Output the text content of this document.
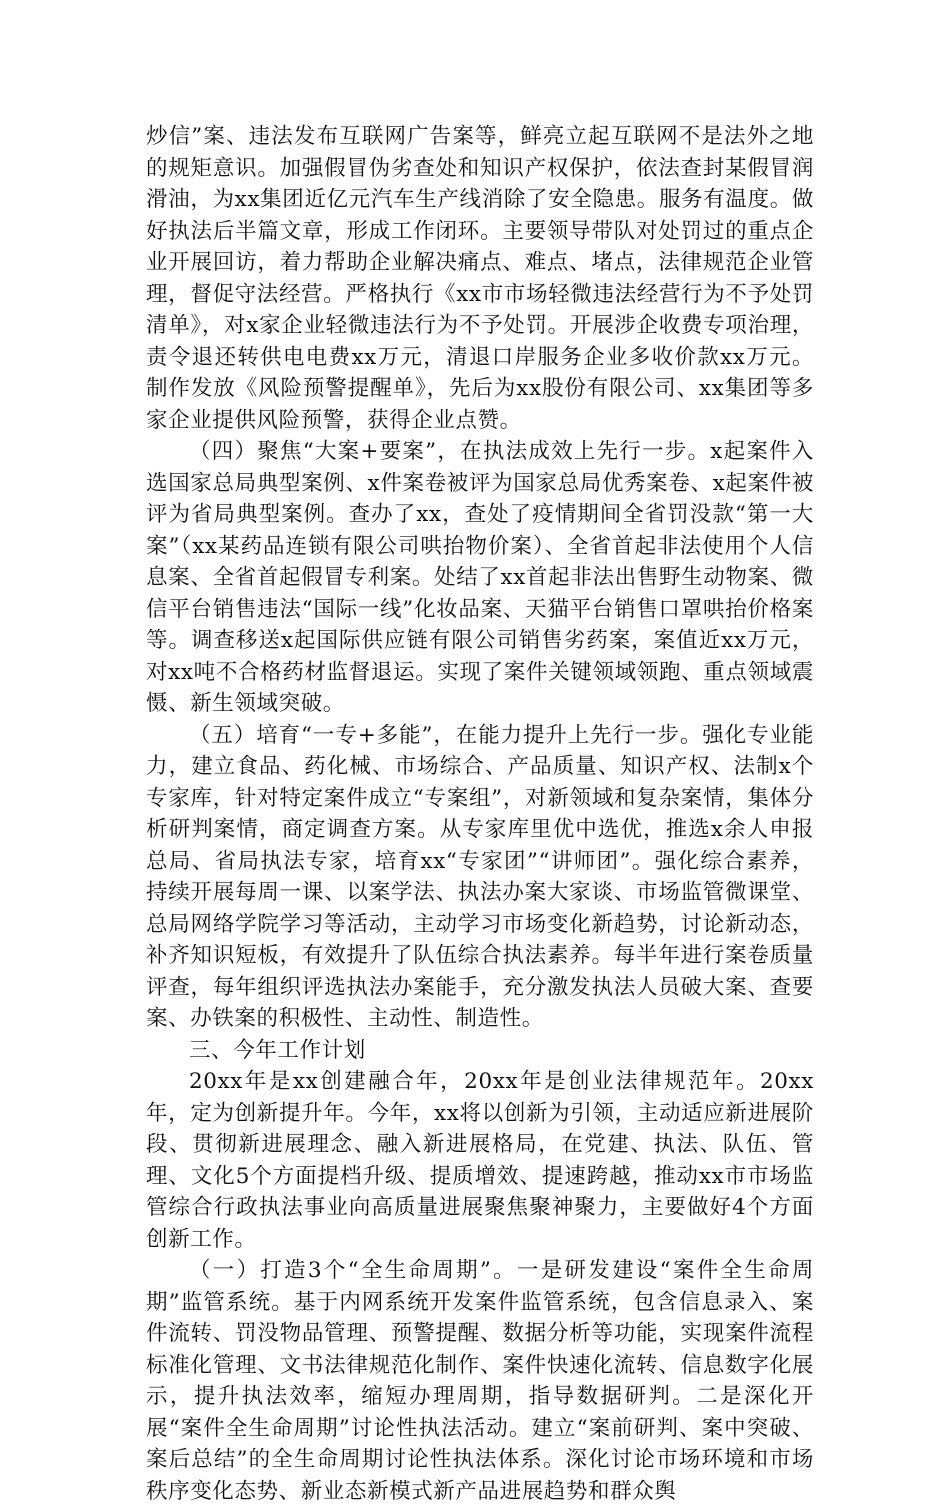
炒信”案、违法发布互联网广告案等，鲜亮立起互联网不是法外之地的规矩意识。加强假冒伪劣查处和知识产权保护，依法查封某假冒润滑油，为xx集团近亿元汽车生产线消除了安全隐患。服务有温度。做好执法后半篇文章，形成工作闭环。主要领导带队对处罚过的重点企业开展回访，着力帮助企业解决痛点、难点、堵点，法律规范企业管理，督促守法经营。严格执行《xx市市场轻微违法经营行为不予处罚清单》，对x家企业轻微违法行为不予处罚。开展涉企收费专项治理，责令退还转供电电费xx万元，清退口岸服务企业多收价款xx万元。制作发放《风险预警提醒单》，先后为xx股份有限公司、xx集团等多家企业提供风险预警，获得企业点赞。

（四）聚焦“大案+要案”，在执法成效上先行一步。x起案件入选国家总局典型案例、x件案卷被评为国家总局优秀案卷、x起案件被评为省局典型案例。查办了xx，查处了疫情期间全省罚没款“第一大案”（xx某药品连锁有限公司哄抬物价案）、全省首起非法使用个人信息案、全省首起假冒专利案。处结了xx首起非法出售野生动物案、微信平台销售违法“国际一线”化妆品案、天猫平台销售口罩哄抬价格案等。调查移送x起国际供应链有限公司销售劣药案，案值近xx万元，对xx吨不合格药材监督退运。实现了案件关键领域领跑、重点领域震慑、新生领域突破。

（五）培育“一专+多能”，在能力提升上先行一步。强化专业能力，建立食品、药化械、市场综合、产品质量、知识产权、法制x个专家库，针对特定案件成立“专案组”，对新领域和复杂案情，集体分析研判案情，商定调查方案。从专家库里优中选优，推选x余人申报总局、省局执法专家，培育xx“专家团”“讲师团”。强化综合素养，持续开展每周一课、以案学法、执法办案大家谈、市场监管微课堂、总局网络学院学习等活动，主动学习市场变化新趋势，讨论新动态，补齐知识短板，有效提升了队伍综合执法素养。每半年进行案卷质量评查，每年组织评选执法办案能手，充分激发执法人员破大案、查要案、办铁案的积极性、主动性、制造性。

三、今年工作计划

20xx年是xx创建融合年，20xx年是创业法律规范年。20xx年，定为创新提升年。今年，xx将以创新为引领，主动适应新进展阶段、贯彻新进展理念、融入新进展格局，在党建、执法、队伍、管理、文化5个方面提档升级、提质增效、提速跨越，推动xx市市场监管综合行政执法事业向高质量进展聚焦聚神聚力，主要做好4个方面创新工作。

（一）打造3个“全生命周期”。一是研发建设“案件全生命周期”监管系统。基于内网系统开发案件监管系统，包含信息录入、案件流转、罚没物品管理、预警提醒、数据分析等功能，实现案件流程标准化管理、文书法律规范化制作、案件快速化流转、信息数字化展示，提升执法效率，缩短办理周期，指导数据研判。二是深化开展“案件全生命周期”讨论性执法活动。建立“案前研判、案中突破、案后总结”的全生命周期讨论性执法体系。深化讨论市场环境和市场秩序变化态势、新业态新模式新产品进展趋势和群众舆
